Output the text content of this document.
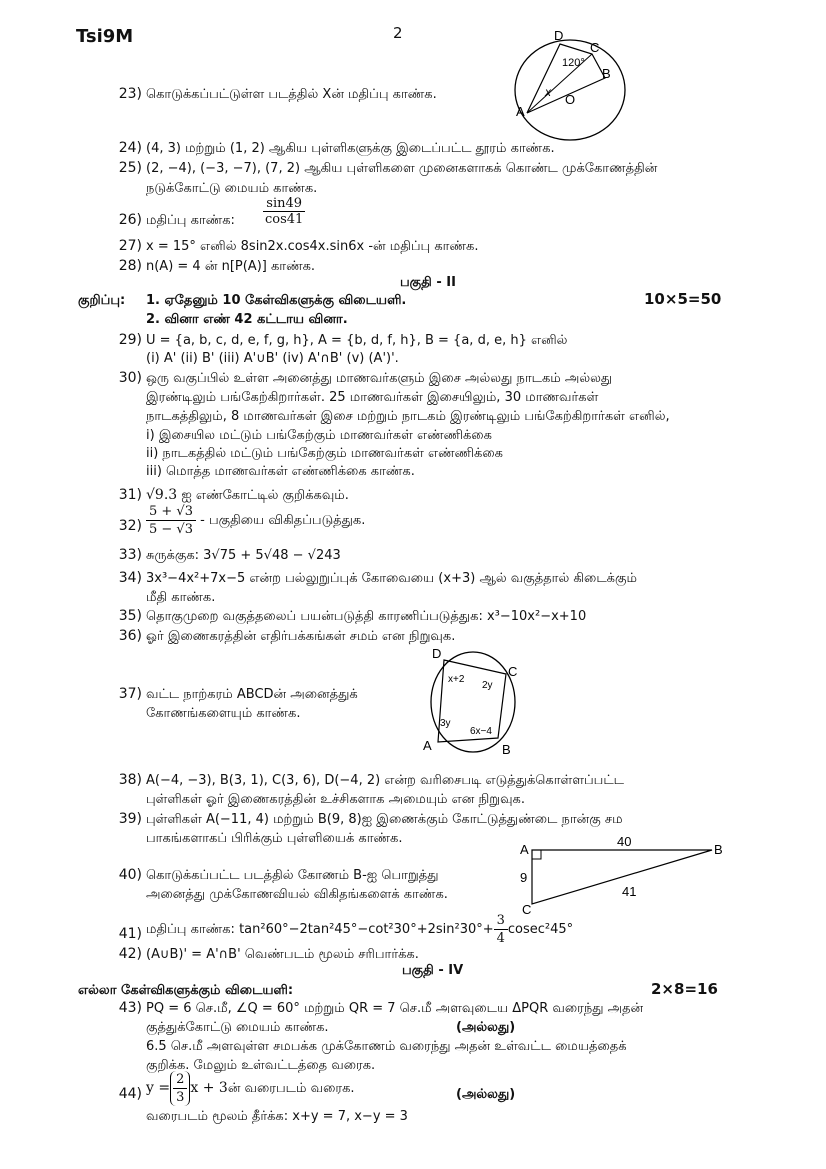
Tsi9M	2	D
C
B
A
O
x
120°
23) கொடுக்கப்பட்டுள்ள படத்தில் Xன் மதிப்பு காண்க.
24) (4, 3) மற்றும் (1, 2) ஆகிய புள்ளிகளுக்கு இடைப்பட்ட தூரம் காண்க.
25) (2, −4), (−3, −7), (7, 2) ஆகிய புள்ளிகளை முனைகளாகக் கொண்ட முக்கோணத்தின்
நடுக்கோட்டு மையம் காண்க.
26) மதிப்பு காண்க: $\frac{\sin 49}{\cos 41}$
27) x = 15° எனில் 8sin2x.cos4x.sin6x -ன் மதிப்பு காண்க.
28) n(A) = 4 ன் n[P(A)] காண்க.
பகுதி - II
குறிப்பு: 1. ஏதேனும் 10 கேள்விகளுக்கு விடையளி.	10×5=50
2. வினா எண் 42 கட்டாய வினா.
29) U = {a, b, c, d, e, f, g, h}, A = {b, d, f, h}, B = {a, d, e, h} எனில்
(i) A' (ii) B' (iii) A'∪B' (iv) A'∩B' (v) (A')'.
30) ஒரு வகுப்பில் உள்ள அனைத்து மாணவர்களும் இசை அல்லது நாடகம் அல்லது
இரண்டிலும் பங்கேற்கிறார்கள். 25 மாணவர்கள் இசையிலும், 30 மாணவர்கள்
நாடகத்திலும், 8 மாணவர்கள் இசை மற்றும் நாடகம் இரண்டிலும் பங்கேற்கிறார்கள் எனில்,
i) இசையில மட்டும் பங்கேற்கும் மாணவர்கள் எண்ணிக்கை
ii) நாடகத்தில் மட்டும் பங்கேற்கும் மாணவர்கள் எண்ணிக்கை
iii) மொத்த மாணவர்கள் எண்ணிக்கை காண்க.
31) √9.3 ஐ எண்கோட்டில் குறிக்கவும்.
$32) \frac{5 + √3}{5 - √3}$ - பகுதியை விகிதப்படுத்துக.
33) சுருக்குக: 3√75 + 5√48 − √243
34) 3x³−4x²+7x−5 என்ற பல்லுறுப்புக் கோவையை (x+3) ஆல் வகுத்தால் கிடைக்கும்
மீதி காண்க.
35) தொகுமுறை வகுத்தலைப் பயன்படுத்தி காரணிப்படுத்துக: x³−10x²−x+10
36) ஓர் இணைகரத்தின் எதிர்பக்கங்கள் சமம் என நிறுவுக.
37) வட்ட நாற்கரம் ABCDன் அனைத்துக்
கோணங்களையும் காண்க.
D
C
A	B
x+2
2y
3y
6x−4
38) A(−4, −3), B(3, 1), C(3, 6), D(−4, 2) என்ற வரிசைபடி எடுத்துக்கொள்ளப்பட்ட
புள்ளிகள் ஓர் இணைகரத்தின் உச்சிகளாக அமையும் என நிறுவுக.
39) புள்ளிகள் A(−11, 4) மற்றும் B(9, 8)ஐ இணைக்கும் கோட்டுத்துண்டை நான்கு சம
பாகங்களாகப் பிரிக்கும் புள்ளியைக் காண்க.
40) கொடுக்கப்பட்ட படத்தில் கோணம் B-ஐ பொறுத்து
அனைத்து முக்கோணவியல் விகிதங்களைக் காண்க.
A	B
C
40
9
41
41) மதிப்பு காண்க: $\tan^260^\circ-2\tan^245^\circ-\cot^230^\circ+2\sin^230^\circ+ \frac{3}{4} cosec^245^\circ$
42) (A∪B)' = A'∩B' வெண்படம் மூலம் சரிபார்க்க.
பகுதி - IV
எல்லா கேள்விகளுக்கும் விடையளி:	2×8=16
43) PQ = 6 செ.மீ, ∠Q = 60° மற்றும் QR = 7 செ.மீ அளவுடைய ΔPQR வரைந்து அதன்
குத்துக்கோட்டு மையம் காண்க.	(அல்லது)
6.5 செ.மீ அளவுள்ள சமபக்க முக்கோணம் வரைந்து அதன் உள்வட்ட மையத்தைக்
குறிக்க. மேலும் உள்வட்டத்தை வரைக.
44) $y = \frac{2}{3}$ x + 3ன் வரைபடம் வரைக.	(அல்லது)
வரைபடம் மூலம் தீர்க்க: x+y = 7, x−y = 3
